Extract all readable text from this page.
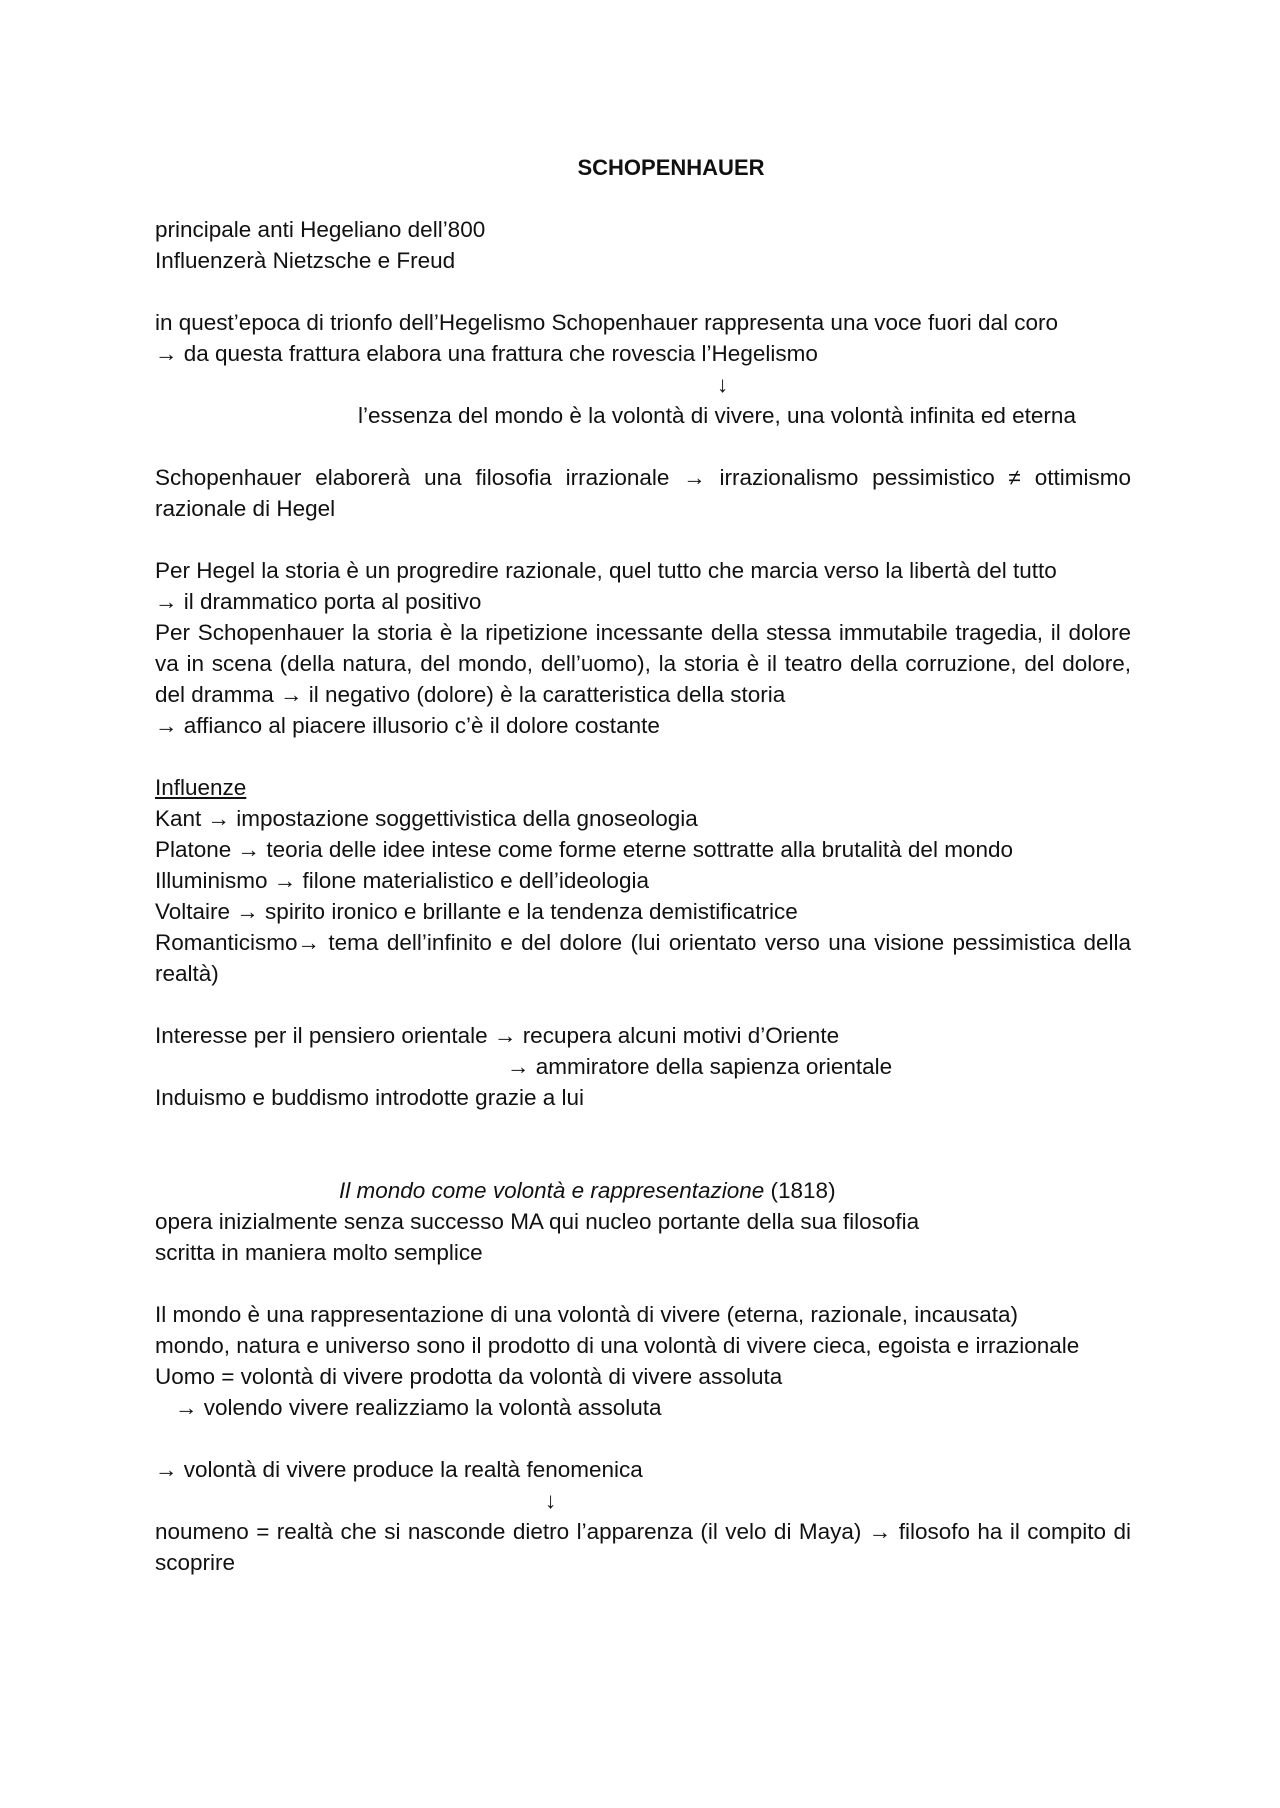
SCHOPENHAUER
principale anti Hegeliano dell’800
Influenzerà Nietzsche e Freud
in quest’epoca di trionfo dell’Hegelismo Schopenhauer rappresenta una voce fuori dal coro
→ da questa frattura elabora una frattura che rovescia l’Hegelismo
↓
l’essenza del mondo è la volontà di vivere, una volontà infinita ed eterna
Schopenhauer elaborerà una filosofia irrazionale → irrazionalismo pessimistico ≠ ottimismo razionale di Hegel
Per Hegel la storia è un progredire razionale, quel tutto che marcia verso la libertà del tutto
→ il drammatico porta al positivo
Per Schopenhauer la storia è la ripetizione incessante della stessa immutabile tragedia, il dolore va in scena (della natura, del mondo, dell’uomo), la storia è il teatro della corruzione, del dolore, del dramma → il negativo (dolore) è la caratteristica della storia
→ affianco al piacere illusorio c’è il dolore costante
Influenze
Kant → impostazione soggettivistica della gnoseologia
Platone → teoria delle idee intese come forme eterne sottratte alla brutalità del mondo
Illuminismo → filone materialistico e dell’ideologia
Voltaire → spirito ironico e brillante e la tendenza demistificatrice
Romanticismo→ tema dell’infinito e del dolore (lui orientato verso una visione pessimistica della realtà)
Interesse per il pensiero orientale → recupera alcuni motivi d’Oriente
→ ammiratore della sapienza orientale
Induismo e buddismo introdotte grazie a lui
Il mondo come volontà e rappresentazione (1818)
opera inizialmente senza successo MA qui nucleo portante della sua filosofia
scritta in maniera molto semplice
Il mondo è una rappresentazione di una volontà di vivere (eterna, razionale, incausata)
mondo, natura e universo sono il prodotto di una volontà di vivere cieca, egoista e irrazionale
Uomo = volontà di vivere prodotta da volontà di vivere assoluta
→ volendo vivere realizziamo la volontà assoluta
→ volontà di vivere produce la realtà fenomenica
↓
noumeno = realtà che si nasconde dietro l’apparenza (il velo di Maya) → filosofo ha il compito di scoprire
